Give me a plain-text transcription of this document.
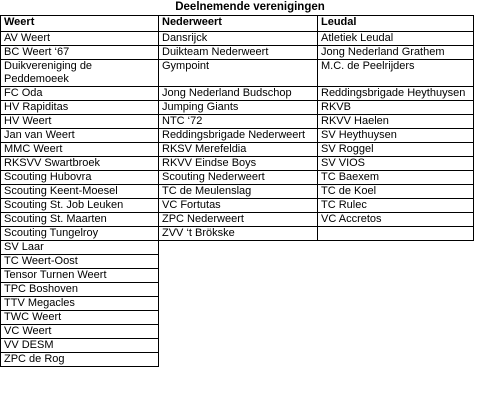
Deelnemende verenigingen
Weert	Nederweert	Leudal
AV Weert	Dansrijck	Atletiek Leudal
BC Weert ‘67	Duikteam Nederweert	Jong Nederland Grathem
Duikvereniging de Peddemoeek	Gympoint	M.C. de Peelrijders
FC Oda	Jong Nederland Budschop	Reddingsbrigade Heythuysen
HV Rapiditas	Jumping Giants	RKVB
HV Weert	NTC ‘72	RKVV Haelen
Jan van Weert	Reddingsbrigade Nederweert	SV Heythuysen
MMC Weert	RKSV Merefeldia	SV Roggel
RKSVV Swartbroek	RKVV Eindse Boys	SV VIOS
Scouting Hubovra	Scouting Nederweert	TC Baexem
Scouting Keent-Moesel	TC de Meulenslag	TC de Koel
Scouting St. Job Leuken	VC Fortutas	TC Rulec
Scouting St. Maarten	ZPC Nederweert	VC Accretos
Scouting Tungelroy	ZVV ‘t Brökske	
SV Laar		
TC Weert-Oost		
Tensor Turnen Weert		
TPC Boshoven		
TTV Megacles		
TWC Weert		
VC Weert		
VV DESM		
ZPC de Rog		
